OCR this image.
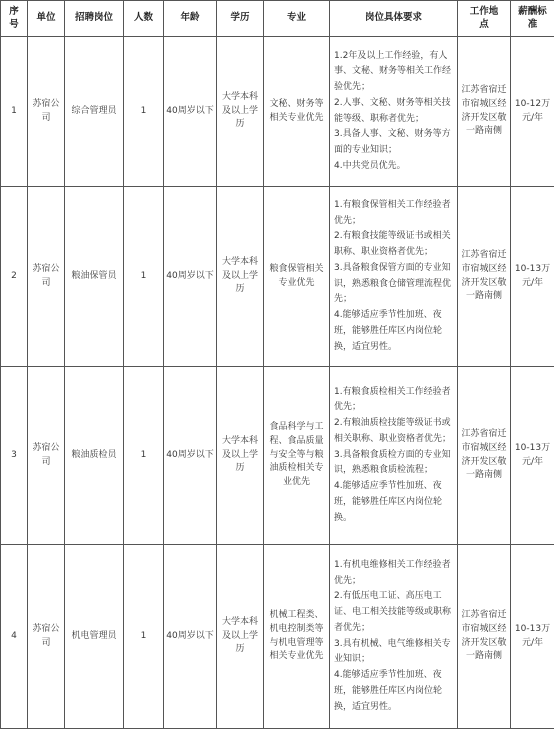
序号	单位	招聘岗位	人数	年龄	学历	专业	岗位具体要求	工作地点	薪酬标准
1	苏宿公司	综合管理员	1	40周岁以下	大学本科及以上学历	文秘、财务等相关专业优先	1.2年及以上工作经验，有人事、文秘、财务等相关工作经验优先；
2.人事、文秘、财务等相关技能等级、职称者优先；
3.具备人事、文秘、财务等方面的专业知识；
4.中共党员优先。	江苏省宿迁市宿城区经济开发区敬一路南侧	10-12万元/年
2	苏宿公司	粮油保管员	1	40周岁以下	大学本科及以上学历	粮食保管相关专业优先	1.有粮食保管相关工作经验者优先；
2.有粮食技能等级证书或相关职称、职业资格者优先；
3.具备粮食保管方面的专业知识，熟悉粮食仓储管理流程优先；
4.能够适应季节性加班、夜班，能够胜任库区内岗位轮换，适宜男性。	江苏省宿迁市宿城区经济开发区敬一路南侧	10-13万元/年
3	苏宿公司	粮油质检员	1	40周岁以下	大学本科及以上学历	食品科学与工程、食品质量与安全等与粮油质检相关专业优先	1.有粮食质检相关工作经验者优先；
2.有粮油质检技能等级证书或相关职称、职业资格者优先；
3.具备粮食质检方面的专业知识，熟悉粮食质检流程；
4.能够适应季节性加班、夜班，能够胜任库区内岗位轮换。	江苏省宿迁市宿城区经济开发区敬一路南侧	10-13万元/年
4	苏宿公司	机电管理员	1	40周岁以下	大学本科及以上学历	机械工程类、机电控制类等与机电管理等相关专业优先	1.有机电维修相关工作经验者优先；
2.有低压电工证、高压电工证、电工相关技能等级或职称者优先；
3.具有机械、电气维修相关专业知识；
4.能够适应季节性加班、夜班，能够胜任库区内岗位轮换，适宜男性。	江苏省宿迁市宿城区经济开发区敬一路南侧	10-13万元/年
